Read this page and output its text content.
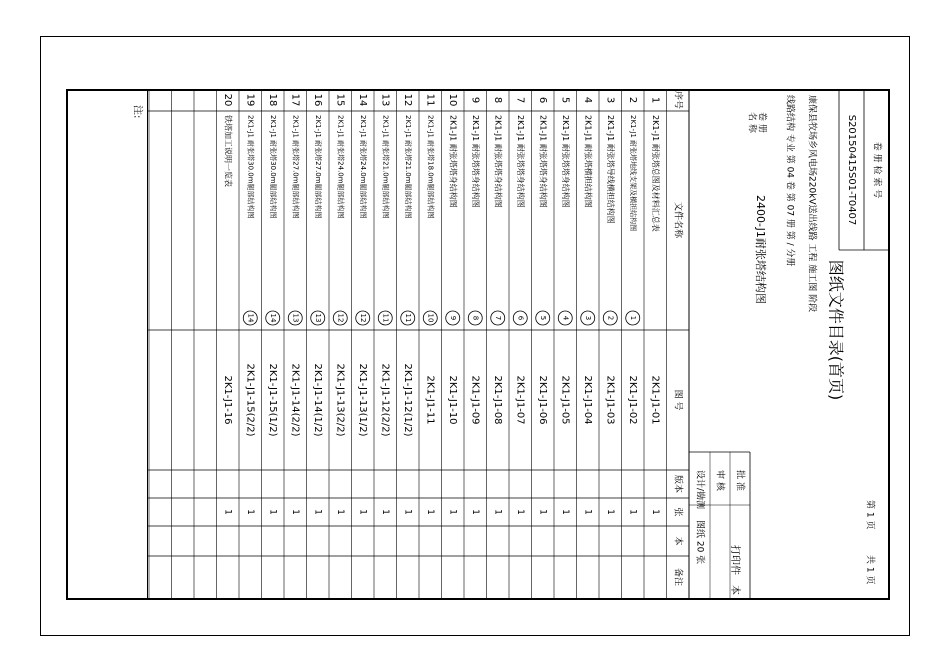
序号
文件名称
图 号
版本
张
本
备注
卷 册 检 索 号
S20150415S01-T0407
图纸文件目录(首页)
康保县牧场乡风电场220kV送出线路 工程 施工图 阶段
线路结构 专业 第 04 卷 第 07 册 第 / 分册
卷 册
名 称
2400-J1耐张塔结构图
批 准
审 核
设计/勘测
图纸 20 张 打印件
本
第 1 页
共 1 页
注:
1
2K1-J1 耐张塔总图及材料汇总表
2K1-J1-01
1
2
2K1-J1 耐张塔地线支架及横担结构图
1
2K1-J1-02
1
3
2K1-J1 耐张塔导线横担结构图
2
2K1-J1-03
1
4
2K1-J1 耐张塔横担结构图
3
2K1-J1-04
1
5
2K1-J1 耐张塔塔身结构图
4
2K1-J1-05
1
6
2K1-J1 耐张塔塔身结构图
5
2K1-J1-06
1
7
2K1-J1 耐张塔塔身结构图
6
2K1-J1-07
1
8
2K1-J1 耐张塔塔身结构图
7
2K1-J1-08
1
9
2K1-J1 耐张塔塔身结构图
8
2K1-J1-09
1
10
2K1-J1 耐张塔塔身结构图
9
2K1-J1-10
1
11
2K1-J1 耐张塔18.0m腿部结构图
10
2K1-J1-11
1
12
2K1-J1 耐张塔21.0m腿部结构图
11
2K1-J1-12(1/2)
1
13
2K1-J1 耐张塔21.0m腿部结构图
11
2K1-J1-12(2/2)
1
14
2K1-J1 耐张塔24.0m腿部结构图
12
2K1-J1-13(1/2)
1
15
2K1-J1 耐张塔24.0m腿部结构图
12
2K1-J1-13(2/2)
1
16
2K1-J1 耐张塔27.0m腿部结构图
13
2K1-J1-14(1/2)
1
17
2K1-J1 耐张塔27.0m腿部结构图
13
2K1-J1-14(2/2)
1
18
2K1-J1 耐张塔30.0m腿部结构图
14
2K1-J1-15(1/2)
1
19
2K1-J1 耐张塔30.0m腿部结构图
14
2K1-J1-15(2/2)
1
20
铁塔加工说明一览表
2K1-J1-16
1
